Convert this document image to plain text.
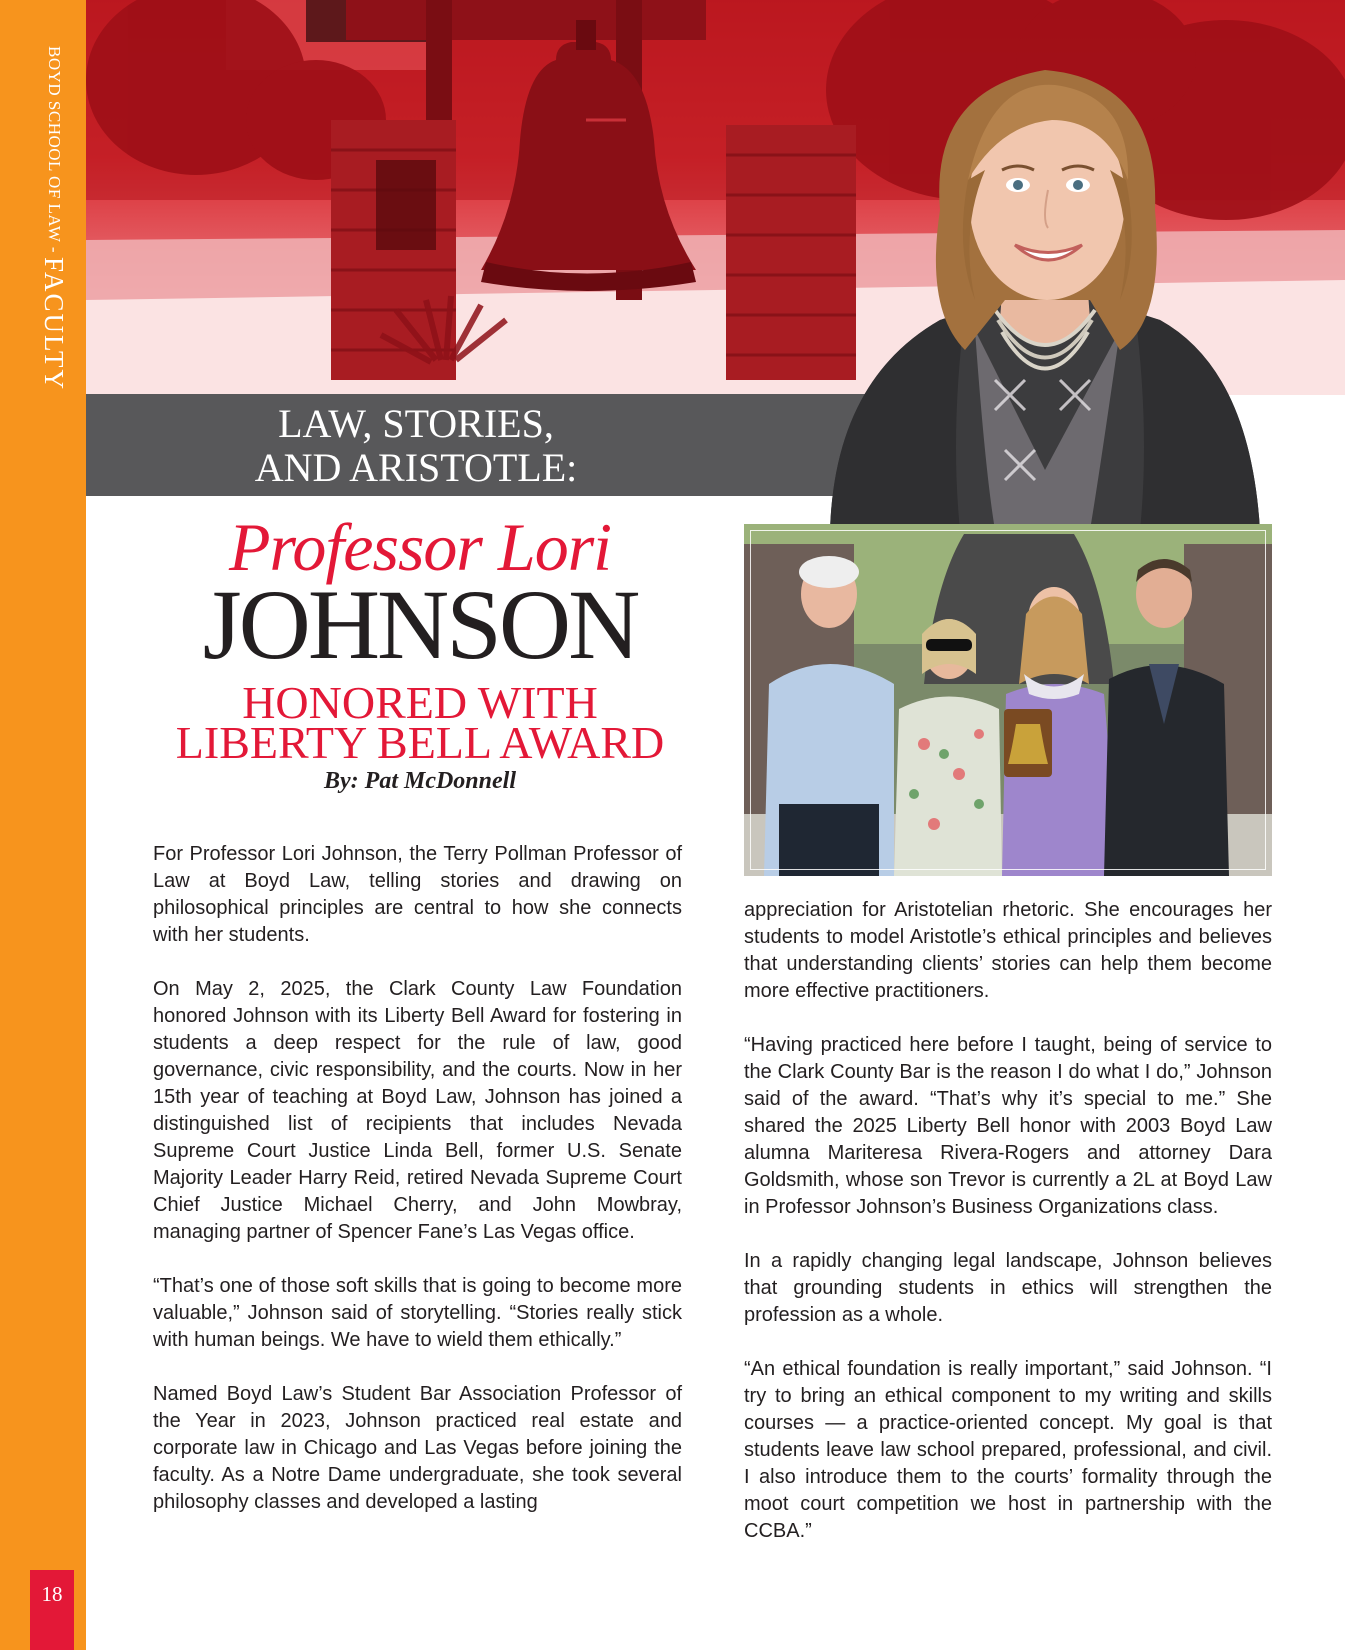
BOYD SCHOOL OF LAW - FACULTY
18
LAW, STORIES,
AND ARISTOTLE:
Professor Lori
JOHNSON
HONORED WITH
LIBERTY BELL AWARD
By: Pat McDonnell

For Professor Lori Johnson, the Terry Pollman Professor of Law at Boyd Law, telling stories and drawing on philosophical principles are central to how she connects with her students.

On May 2, 2025, the Clark County Law Foundation honored Johnson with its Liberty Bell Award for fostering in students a deep respect for the rule of law, good governance, civic responsibility, and the courts. Now in her 15th year of teaching at Boyd Law, Johnson has joined a distinguished list of recipients that includes Nevada Supreme Court Justice Linda Bell, former U.S. Senate Majority Leader Harry Reid, retired Nevada Supreme Court Chief Justice Michael Cherry, and John Mowbray, managing partner of Spencer Fane’s Las Vegas office.

“That’s one of those soft skills that is going to become more valuable,” Johnson said of storytelling. “Stories really stick with human beings. We have to wield them ethically.”

Named Boyd Law’s Student Bar Association Professor of the Year in 2023, Johnson practiced real estate and corporate law in Chicago and Las Vegas before joining the faculty. As a Notre Dame undergraduate, she took several philosophy classes and developed a lasting

appreciation for Aristotelian rhetoric. She encourages her students to model Aristotle’s ethical principles and believes that understanding clients’ stories can help them become more effective practitioners.

“Having practiced here before I taught, being of service to the Clark County Bar is the reason I do what I do,” Johnson said of the award. “That’s why it’s special to me.” She shared the 2025 Liberty Bell honor with 2003 Boyd Law alumna Mariteresa Rivera-Rogers and attorney Dara Goldsmith, whose son Trevor is currently a 2L at Boyd Law in Professor Johnson’s Business Organizations class.

In a rapidly changing legal landscape, Johnson believes that grounding students in ethics will strengthen the profession as a whole.

“An ethical foundation is really important,” said Johnson. “I try to bring an ethical component to my writing and skills courses — a practice-oriented concept. My goal is that students leave law school prepared, professional, and civil. I also introduce them to the courts’ formality through the moot court competition we host in partnership with the CCBA.”
